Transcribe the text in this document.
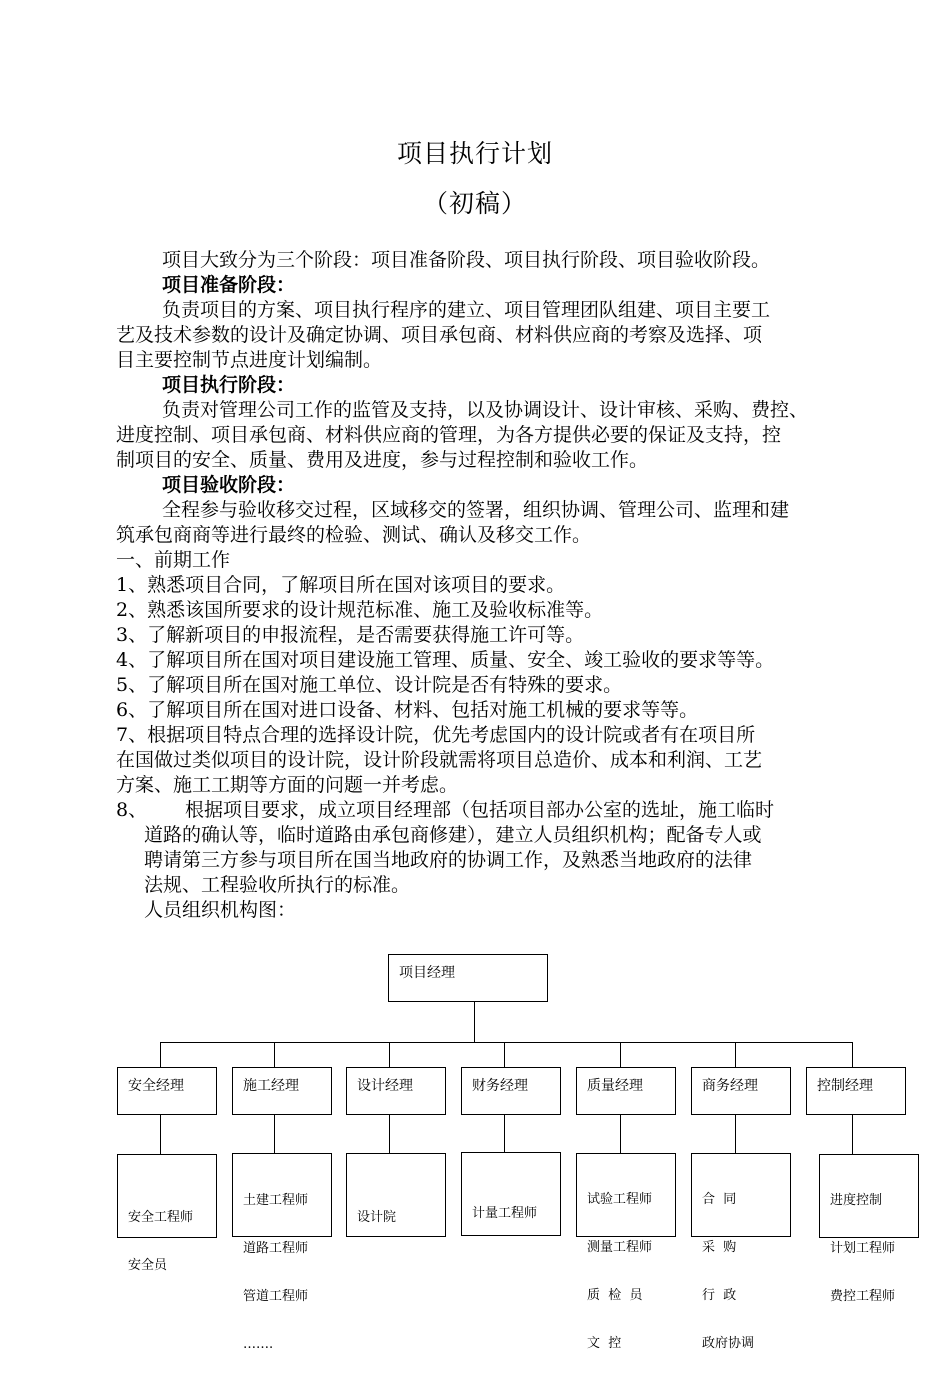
项目执行计划
（初稿）

项目大致分为三个阶段：项目准备阶段、项目执行阶段、项目验收阶段。

项目准备阶段：

负责项目的方案、项目执行程序的建立、项目管理团队组建、项目主要工

艺及技术参数的设计及确定协调、项目承包商、材料供应商的考察及选择、项

目主要控制节点进度计划编制。

项目执行阶段：

负责对管理公司工作的监管及支持，以及协调设计、设计审核、采购、费控、

进度控制、项目承包商、材料供应商的管理，为各方提供必要的保证及支持，控

制项目的安全、质量、费用及进度，参与过程控制和验收工作。

项目验收阶段：

全程参与验收移交过程，区域移交的签署，组织协调、管理公司、监理和建

筑承包商商等进行最终的检验、测试、确认及移交工作。

一、前期工作

1、熟悉项目合同，了解项目所在国对该项目的要求。

2、熟悉该国所要求的设计规范标准、施工及验收标准等。

3、了解新项目的申报流程，是否需要获得施工许可等。

4、了解项目所在国对项目建设施工管理、质量、安全、竣工验收的要求等等。

5、了解项目所在国对施工单位、设计院是否有特殊的要求。

6、了解项目所在国对进口设备、材料、包括对施工机械的要求等等。

7、根据项目特点合理的选择设计院，优先考虑国内的设计院或者有在项目所

在国做过类似项目的设计院，设计阶段就需将项目总造价、成本和利润、工艺

方案、施工工期等方面的问题一并考虑。

8、	根据项目要求，成立项目经理部（包括项目部办公室的选址，施工临时

道路的确认等，临时道路由承包商修建），建立人员组织机构；配备专人或

聘请第三方参与项目所在国当地政府的协调工作，及熟悉当地政府的法律

法规、工程验收所执行的标准。

人员组织机构图：

项目经理
安全经理	施工经理	设计经理	财务经理	质量经理	商务经理	控制经理

安全工程师

安全员

土建工程师

道路工程师

管道工程师

…….

设计院

	计量工程师

试验工程师

测量工程师

质  检  员

文  控

合  同

采  购

行  政

政府协调

进度控制

计划工程师

费控工程师
